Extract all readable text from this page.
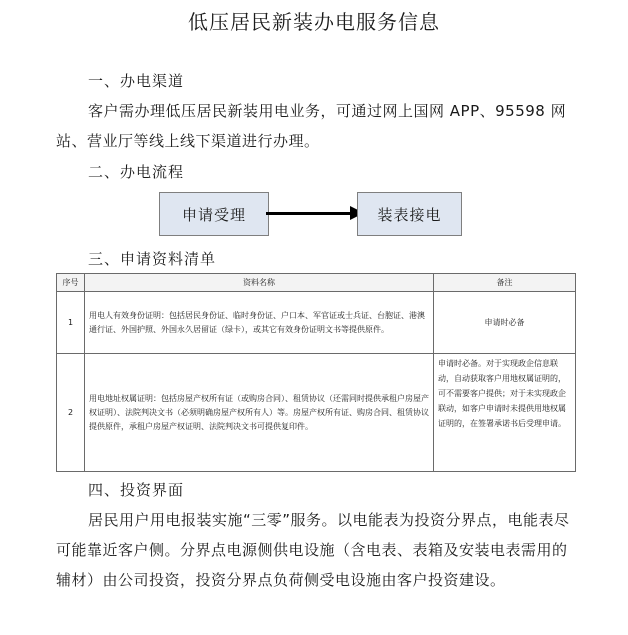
低压居民新装办电服务信息
一、办电渠道
客户需办理低压居民新装用电业务，可通过网上国网 APP、95598 网站、营业厅等线上线下渠道进行办理。
二、办电流程
申请受理	装表接电
三、申请资料清单
序号	资料名称	备注
1	用电人有效身份证明：包括居民身份证、临时身份证、户口本、军官证或士兵证、台胞证、港澳通行证、外国护照、外国永久居留证（绿卡），或其它有效身份证明文书等提供原件。	申请时必备
2	用电地址权属证明：包括房屋产权所有证（或购房合同）、租赁协议（还需同时提供承租户房屋产权证明）、法院判决文书（必须明确房屋产权所有人）等。房屋产权所有证、购房合同、租赁协议提供原件，承租户房屋产权证明、法院判决文书可提供复印件。	申请时必备。对于实现政企信息联动，自动获取客户用地权属证明的，可不需要客户提供；对于未实现政企联动，如客户申请时未提供用地权属证明的，在签署承诺书后受理申请。
四、投资界面
居民用户用电报装实施“三零”服务。以电能表为投资分界点，电能表尽可能靠近客户侧。分界点电源侧供电设施（含电表、表箱及安装电表需用的辅材）由公司投资，投资分界点负荷侧受电设施由客户投资建设。
